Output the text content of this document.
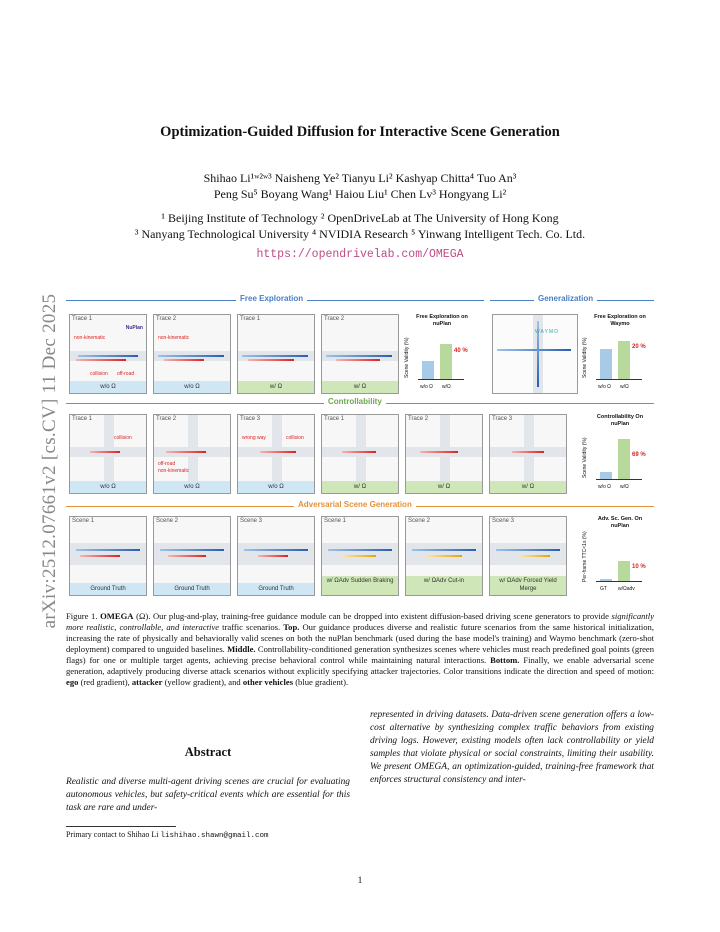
arXiv:2512.07661v2 [cs.CV] 11 Dec 2025
Optimization-Guided Diffusion for Interactive Scene Generation
Shihao Li¹ʷ²ʷ³ Naisheng Ye² Tianyu Li² Kashyap Chitta⁴ Tuo An³
Peng Su⁵ Boyang Wang¹ Haiou Liu¹ Chen Lv³ Hongyang Li²
¹ Beijing Institute of Technology ² OpenDriveLab at The University of Hong Kong
³ Nanyang Technological University ⁴ NVIDIA Research ⁵ Yinwang Intelligent Tech. Co. Ltd.
https://opendrivelab.com/OMEGA
Free Exploration	Generalization
Controllability
Adversarial Scene Generation
Trace 1
NuPlan
non-kinematic
collision off-road
w/o Ω
Trace 2
non-kinematic
w/o Ω
Trace 1
w/ Ω
Trace 2
w/ Ω
Free Exploration on nuPlan
Scene Validity (%)	40 %
w/o Ω w/Ω
WAYMO
Free Exploration on Waymo
Scene Validity (%)	20 %
w/o Ω w/Ω
Trace 1
collision
w/o Ω
Trace 2
off-road
non-kinematic
w/o Ω
Trace 3
wrong way	collision
w/o Ω
Trace 1
w/ Ω
Trace 2
w/ Ω
Trace 3
w/ Ω
Controllability On nuPlan
Scene Validity (%)	69 %
w/o Ω w/Ω
Scene 1
Ground Truth
Scene 2
Ground Truth
Scene 3
Ground Truth
Scene 1
w/ ΩAdv Sudden Braking
Scene 2
w/ ΩAdv Cut-in
Scene 3
w/ ΩAdv Forced Yield Merge
Adv. Sc. Gen. On nuPlan
Per-frame TTC<1s (%)	10 %
GT w/Ωadv
Figure 1. OMEGA (Ω). Our plug-and-play, training-free guidance module can be dropped into existent diffusion-based driving scene generators to provide significantly more realistic, controllable, and interactive traffic scenarios. Top. Our guidance produces diverse and realistic future scenarios from the same historical initialization, increasing the rate of physically and behaviorally valid scenes on both the nuPlan benchmark (used during the base model's training) and Waymo benchmark (zero-shot deployment) compared to unguided baselines. Middle. Controllability-conditioned generation synthesizes scenes where vehicles must reach predefined goal points (green flags) for one or multiple target agents, achieving precise behavioral control while maintaining natural interactions. Bottom. Finally, we enable adversarial scene generation, adaptively producing diverse attack scenarios without explicitly specifying attacker trajectories. Color transitions indicate the direction and speed of motion: ego (red gradient), attacker (yellow gradient), and other vehicles (blue gradient).
Abstract

Realistic and diverse multi-agent driving scenes are crucial for evaluating autonomous vehicles, but safety-critical events which are essential for this task are rare and under-

represented in driving datasets. Data-driven scene generation offers a low-cost alternative by synthesizing complex traffic behaviors from existing driving logs. However, existing models often lack controllability or yield samples that violate physical or social constraints, limiting their usability. We present OMEGA, an optimization-guided, training-free framework that enforces structural consistency and inter-

Primary contact to Shihao Li lishihao.shawn@gmail.com
1
